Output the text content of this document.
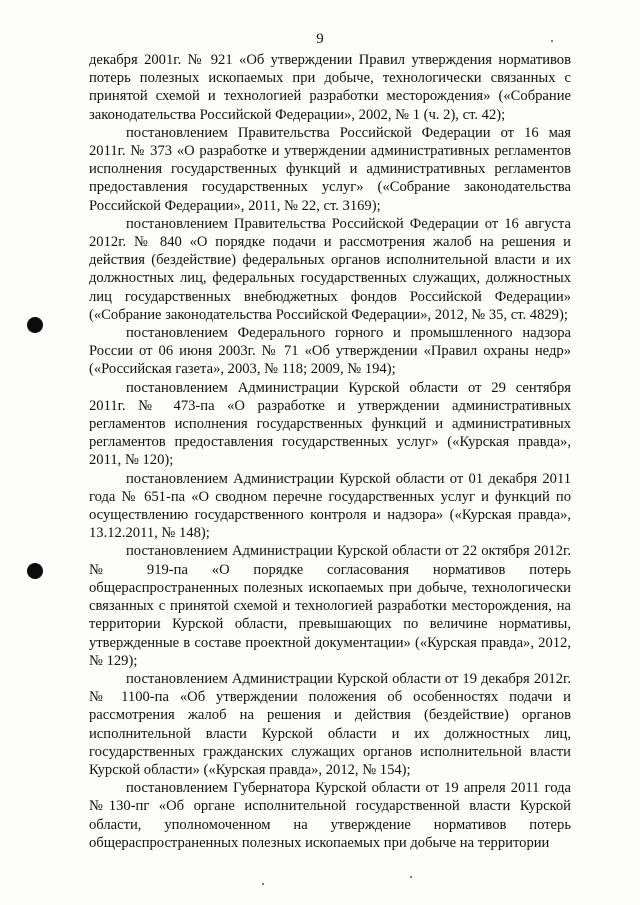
9

декабря 2001г. № 921 «Об утверждении Правил утверждения нормативов потерь полезных ископаемых при добыче, технологически связанных с принятой схемой и технологией разработки месторождения» («Собрание законодательства Российской Федерации», 2002, № 1 (ч. 2), ст. 42);

постановлением Правительства Российской Федерации от 16 мая 2011г. № 373 «О разработке и утверждении административных регламентов исполнения государственных функций и административных регламентов предоставления государственных услуг» («Собрание законодательства Российской Федерации», 2011, № 22, ст. 3169);

постановлением Правительства Российской Федерации от 16 августа 2012г. № 840 «О порядке подачи и рассмотрения жалоб на решения и действия (бездействие) федеральных органов исполнительной власти и их должностных лиц, федеральных государственных служащих, должностных лиц государственных внебюджетных фондов Российской Федерации» («Собрание законодательства Российской Федерации», 2012, № 35, ст. 4829);

постановлением Федерального горного и промышленного надзора России от 06 июня 2003г. № 71 «Об утверждении «Правил охраны недр» («Российская газета», 2003, № 118; 2009, № 194);

постановлением Администрации Курской области от 29 сентября 2011г. № 473-па «О разработке и утверждении административных регламентов исполнения государственных функций и административных регламентов предоставления государственных услуг» («Курская правда», 2011, № 120);

постановлением Администрации Курской области от 01 декабря 2011 года № 651-па «О сводном перечне государственных услуг и функций по осуществлению государственного контроля и надзора» («Курская правда», 13.12.2011, № 148);

постановлением Администрации Курской области от 22 октября 2012г. № 919-па «О порядке согласования нормативов потерь общераспространенных полезных ископаемых при добыче, технологически связанных с принятой схемой и технологией разработки месторождения, на территории Курской области, превышающих по величине нормативы, утвержденные в составе проектной документации» («Курская правда», 2012, № 129);

постановлением Администрации Курской области от 19 декабря 2012г. № 1100-па «Об утверждении положения об особенностях подачи и рассмотрения жалоб на решения и действия (бездействие) органов исполнительной власти Курской области и их должностных лиц, государственных гражданских служащих органов исполнительной власти Курской области» («Курская правда», 2012, № 154);

постановлением Губернатора Курской области от 19 апреля 2011 года №130-пг «Об органе исполнительной государственной власти Курской области, уполномоченном на утверждение нормативов потерь общераспространенных полезных ископаемых при добыче на территории
